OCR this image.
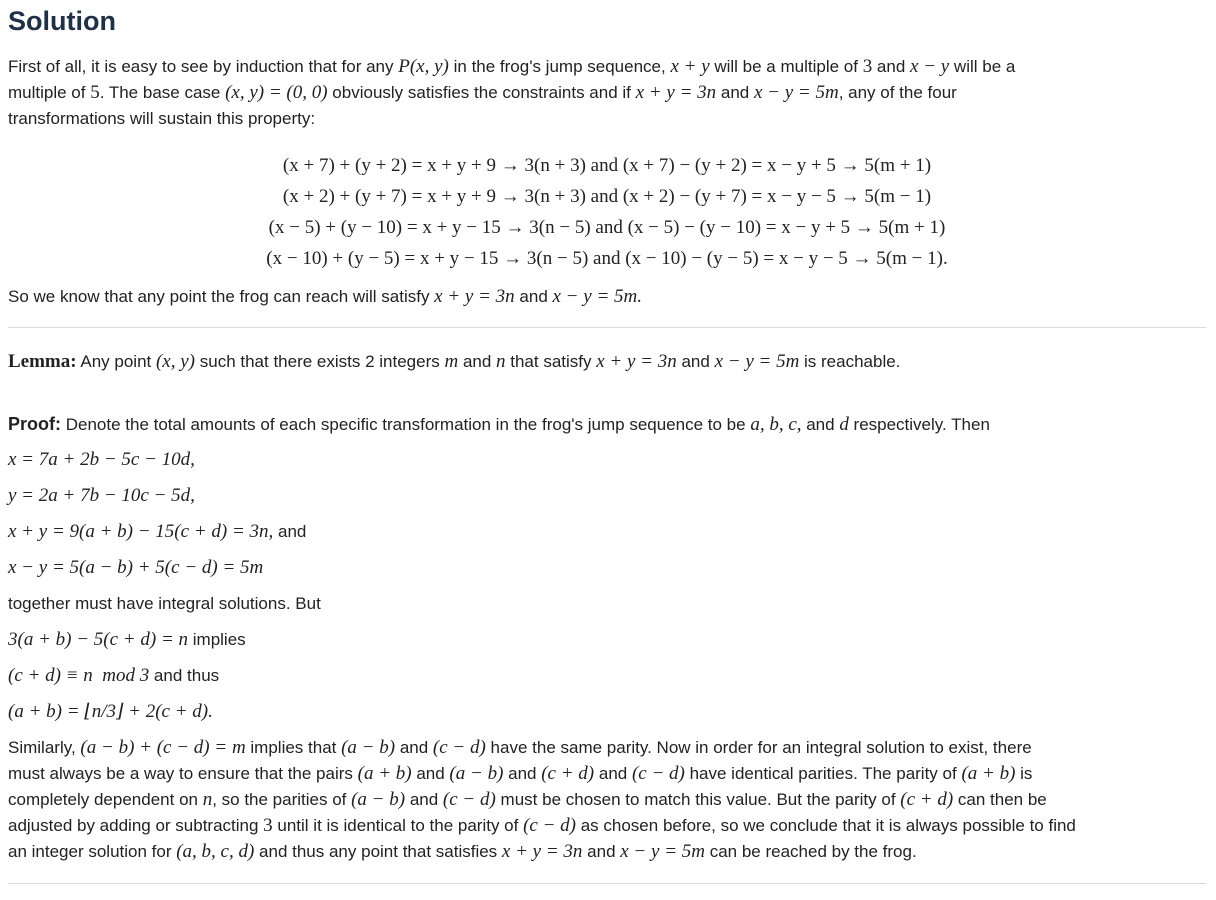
Solution
First of all, it is easy to see by induction that for any P(x, y) in the frog's jump sequence, x + y will be a multiple of 3 and x − y will be a
multiple of 5. The base case (x, y) = (0, 0) obviously satisfies the constraints and if x + y = 3n and x − y = 5m, any of the four
transformations will sustain this property:
(x + 7) + (y + 2) = x + y + 9 → 3(n + 3) and (x + 7) − (y + 2) = x − y + 5 → 5(m + 1)
(x + 2) + (y + 7) = x + y + 9 → 3(n + 3) and (x + 2) − (y + 7) = x − y − 5 → 5(m − 1)
(x − 5) + (y − 10) = x + y − 15 → 3(n − 5) and (x − 5) − (y − 10) = x − y + 5 → 5(m + 1)
(x − 10) + (y − 5) = x + y − 15 → 3(n − 5) and (x − 10) − (y − 5) = x − y − 5 → 5(m − 1).
So we know that any point the frog can reach will satisfy x + y = 3n and x − y = 5m.
Lemma: Any point (x, y) such that there exists 2 integers m and n that satisfy x + y = 3n and x − y = 5m is reachable.
Proof: Denote the total amounts of each specific transformation in the frog's jump sequence to be a, b, c, and d respectively. Then
x = 7a + 2b − 5c − 10d,
y = 2a + 7b − 10c − 5d,
x + y = 9(a + b) − 15(c + d) = 3n, and
x − y = 5(a − b) + 5(c − d) = 5m
together must have integral solutions. But
3(a + b) − 5(c + d) = n implies
(c + d) ≡ n  mod 3 and thus
(a + b) = ⌊n/3⌋ + 2(c + d).
Similarly, (a − b) + (c − d) = m implies that (a − b) and (c − d) have the same parity. Now in order for an integral solution to exist, there
must always be a way to ensure that the pairs (a + b) and (a − b) and (c + d) and (c − d) have identical parities. The parity of (a + b) is
completely dependent on n, so the parities of (a − b) and (c − d) must be chosen to match this value. But the parity of (c + d) can then be
adjusted by adding or subtracting 3 until it is identical to the parity of (c − d) as chosen before, so we conclude that it is always possible to find
an integer solution for (a, b, c, d) and thus any point that satisfies x + y = 3n and x − y = 5m can be reached by the frog.
